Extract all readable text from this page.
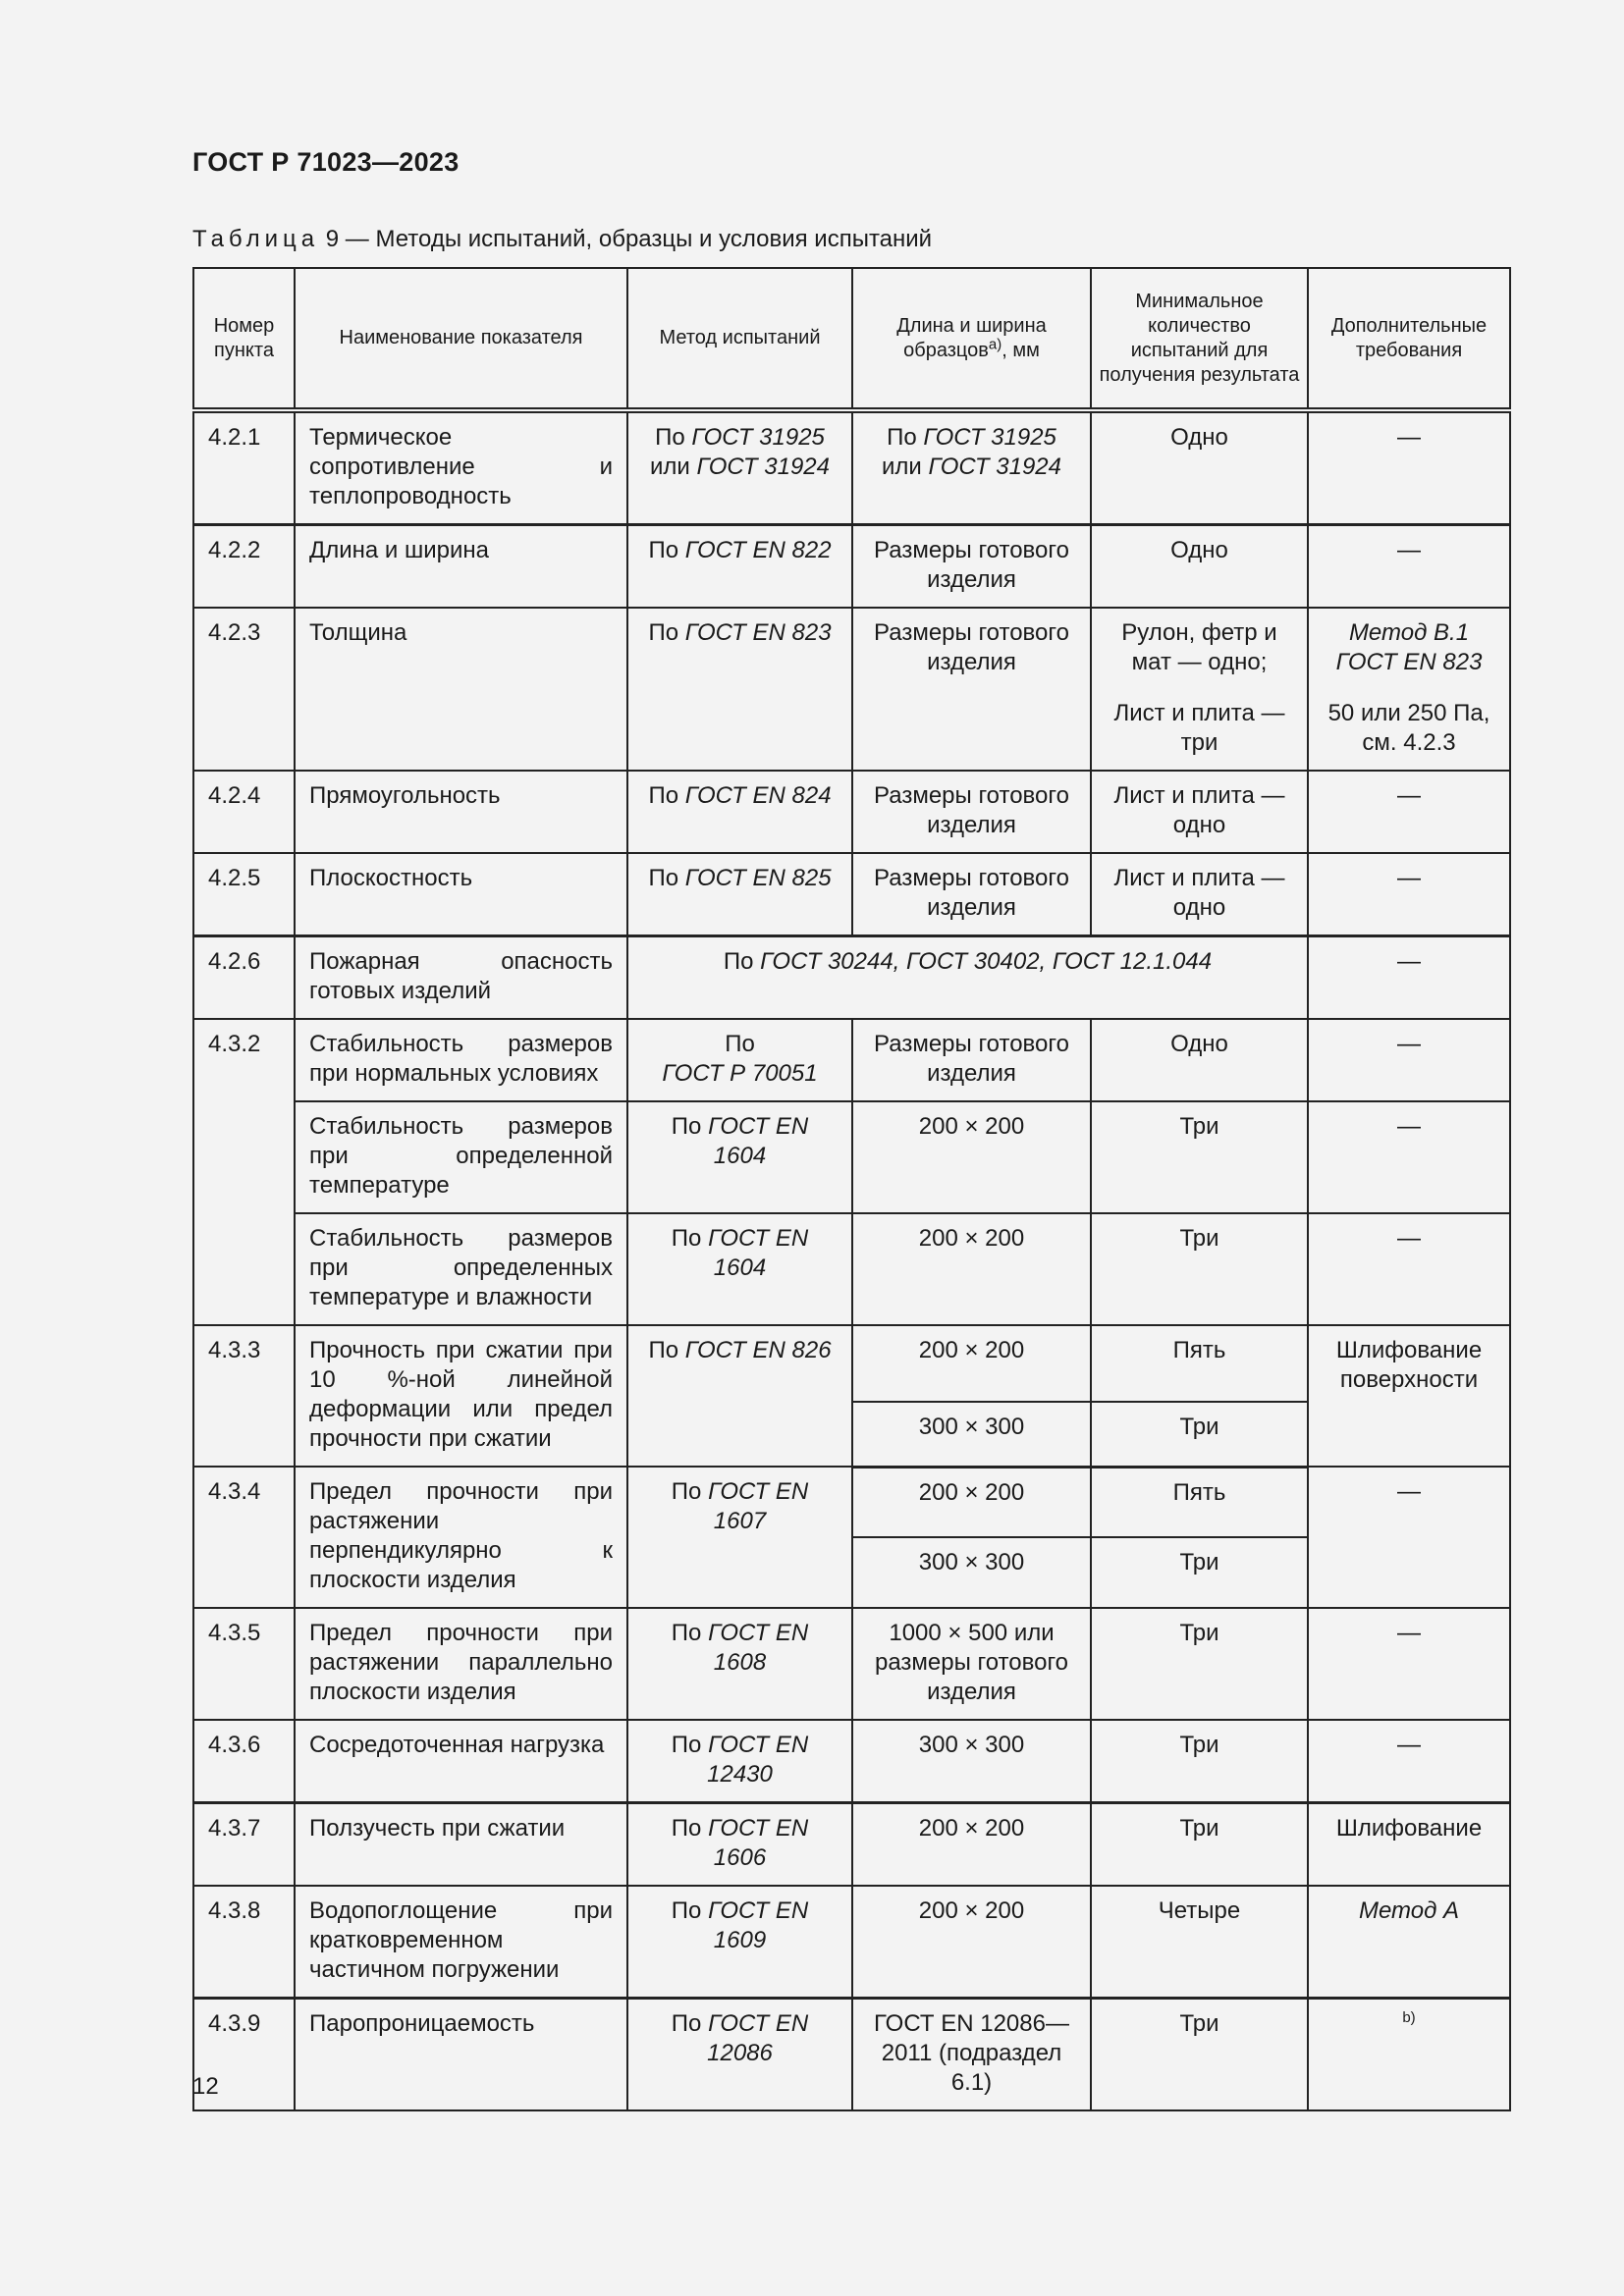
ГОСТ Р 71023—2023
Таблица 9 — Методы испытаний, образцы и условия испытаний
Номер пункта	Наименование показателя	Метод испытаний	Длина и ширина образцов$^{а)}$, мм	Минимальное количество испытаний для получения результата	Дополнительные требования
4.2.1	Термическое сопротивление и теплопроводность	По ГОСТ 31925
или ГОСТ 31924	По ГОСТ 31925
или ГОСТ 31924	Одно	—
4.2.2	Длина и ширина	По ГОСТ EN 822	Размеры готового изделия	Одно	—
4.2.3	Толщина	По ГОСТ EN 823	Размеры готового изделия	Рулон, фетр и мат — одно;
Лист и плита — три	Метод В.1 ГОСТ EN 823
50 или 250 Па, см. 4.2.3
4.2.4	Прямоугольность	По ГОСТ EN 824	Размеры готового изделия	Лист и плита — одно	—
4.2.5	Плоскостность	По ГОСТ EN 825	Размеры готового изделия	Лист и плита — одно	—
4.2.6	Пожарная опасность готовых изделий	По ГОСТ 30244, ГОСТ 30402, ГОСТ 12.1.044			—
4.3.2	Стабильность размеров при нормальных условиях	По
ГОСТ Р 70051	Размеры готового изделия	Одно	—
	Стабильность размеров при определенной температуре	По ГОСТ EN 1604	200 × 200	Три	—
	Стабильность размеров при определенных температуре и влажности	По ГОСТ EN 1604	200 × 200	Три	—
4.3.3	Прочность при сжатии при 10 %-ной линейной деформации или предел прочности при сжатии	По ГОСТ EN 826	200 × 200	Пять	Шлифование поверхности
			300 × 300	Три	
4.3.4	Предел прочности при растяжении перпендикулярно к плоскости изделия	По ГОСТ EN 1607	200 × 200	Пять	—
			300 × 300	Три	
4.3.5	Предел прочности при растяжении параллельно плоскости изделия	По ГОСТ EN 1608	1000 × 500 или размеры готового изделия	Три	—
4.3.6	Сосредоточенная нагрузка	По ГОСТ EN 12430	300 × 300	Три	—
4.3.7	Ползучесть при сжатии	По ГОСТ EN 1606	200 × 200	Три	Шлифование
4.3.8	Водопоглощение при кратковременном частичном погружении	По ГОСТ EN 1609	200 × 200	Четыре	Метод А
4.3.9	Паропроницаемость	По ГОСТ EN 12086	ГОСТ EN 12086—2011 (подраздел 6.1)	Три	$^{b)}$
12
